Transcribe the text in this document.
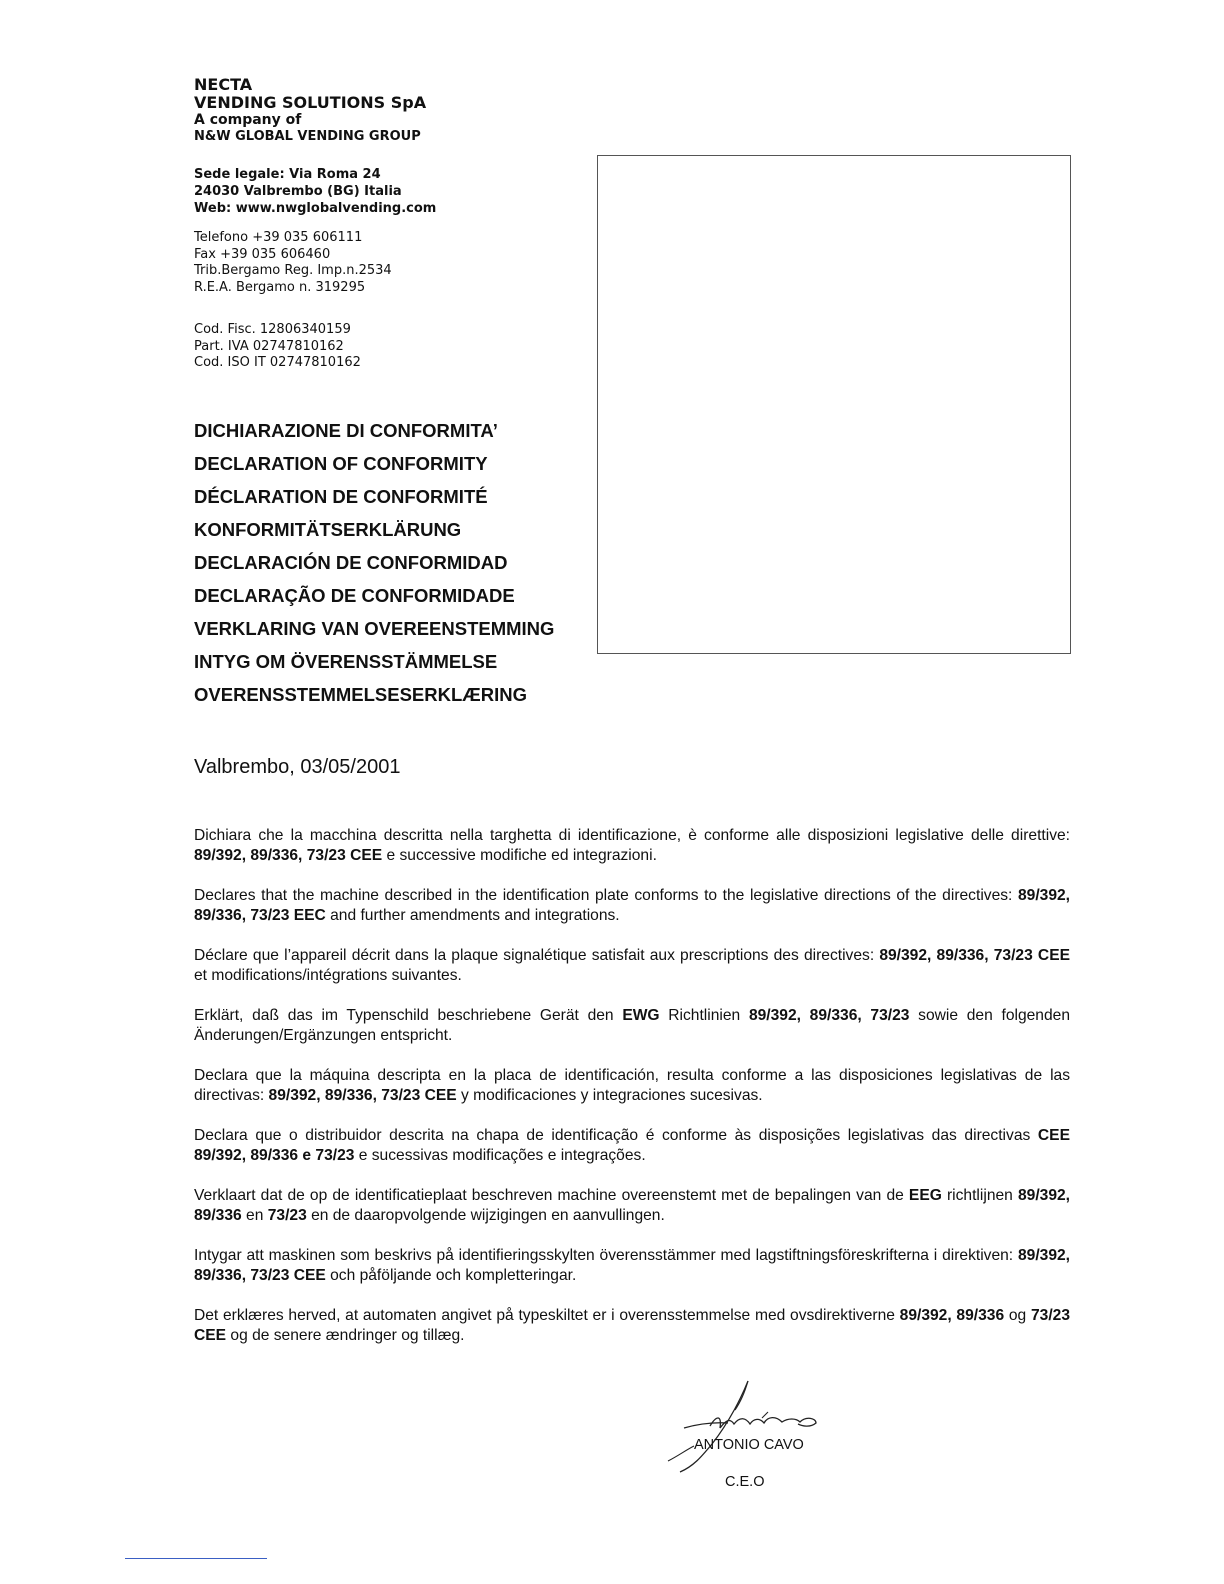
NECTA
VENDING SOLUTIONS SpA
A company of
N&W GLOBAL VENDING GROUP
Sede legale: Via Roma 24
24030 Valbrembo (BG) Italia
Web: www.nwglobalvending.com
Telefono +39 035 606111
Fax +39 035 606460
Trib.Bergamo Reg. Imp.n.2534
R.E.A. Bergamo n. 319295
Cod. Fisc. 12806340159
Part. IVA 02747810162
Cod. ISO IT 02747810162
DICHIARAZIONE DI CONFORMITA’
DECLARATION OF CONFORMITY
DÉCLARATION DE CONFORMITÉ
KONFORMITÄTSERKLÄRUNG
DECLARACIÓN DE CONFORMIDAD
DECLARAÇÃO DE CONFORMIDADE
VERKLARING VAN OVEREENSTEMMING
INTYG OM ÖVERENSSTÄMMELSE
OVERENSSTEMMELSESERKLÆRING
Valbrembo, 03/05/2001

Dichiara che la macchina descritta nella targhetta di identificazione, è conforme alle disposizioni legislative delle direttive: 89/392, 89/336, 73/23 CEE e successive modifiche ed integrazioni.

Declares that the machine described in the identification plate conforms to the legislative directions of the directives: 89/392, 89/336, 73/23 EEC and further amendments and integrations.

Déclare que l’appareil décrit dans la plaque signalétique satisfait aux prescriptions des directives: 89/392, 89/336, 73/23 CEE et modifications/intégrations suivantes.

Erklärt, daß das im Typenschild beschriebene Gerät den EWG Richtlinien 89/392, 89/336, 73/23 sowie den folgenden Änderungen/Ergänzungen entspricht.

Declara que la máquina descripta en la placa de identificación, resulta conforme a las disposiciones legislativas de las directivas: 89/392, 89/336, 73/23 CEE y modificaciones y integraciones sucesivas.

Declara que o distribuidor descrita na chapa de identificação é conforme às disposições legislativas das directivas CEE 89/392, 89/336 e 73/23 e sucessivas modificações e integrações.

Verklaart dat de op de identificatieplaat beschreven machine overeenstemt met de bepalingen van de EEG richtlijnen 89/392, 89/336 en 73/23 en de daaropvolgende wijzigingen en aanvullingen.

Intygar att maskinen som beskrivs på identifieringsskylten överensstämmer med lagstiftningsföreskrifterna i direktiven: 89/392, 89/336, 73/23 CEE och påföljande och kompletteringar.

Det erklæres herved, at automaten angivet på typeskiltet er i overensstemmelse med ovsdirektiverne 89/392, 89/336 og 73/23 CEE og de senere ændringer og tillæg.

ANTONIO CAVO
C.E.O
